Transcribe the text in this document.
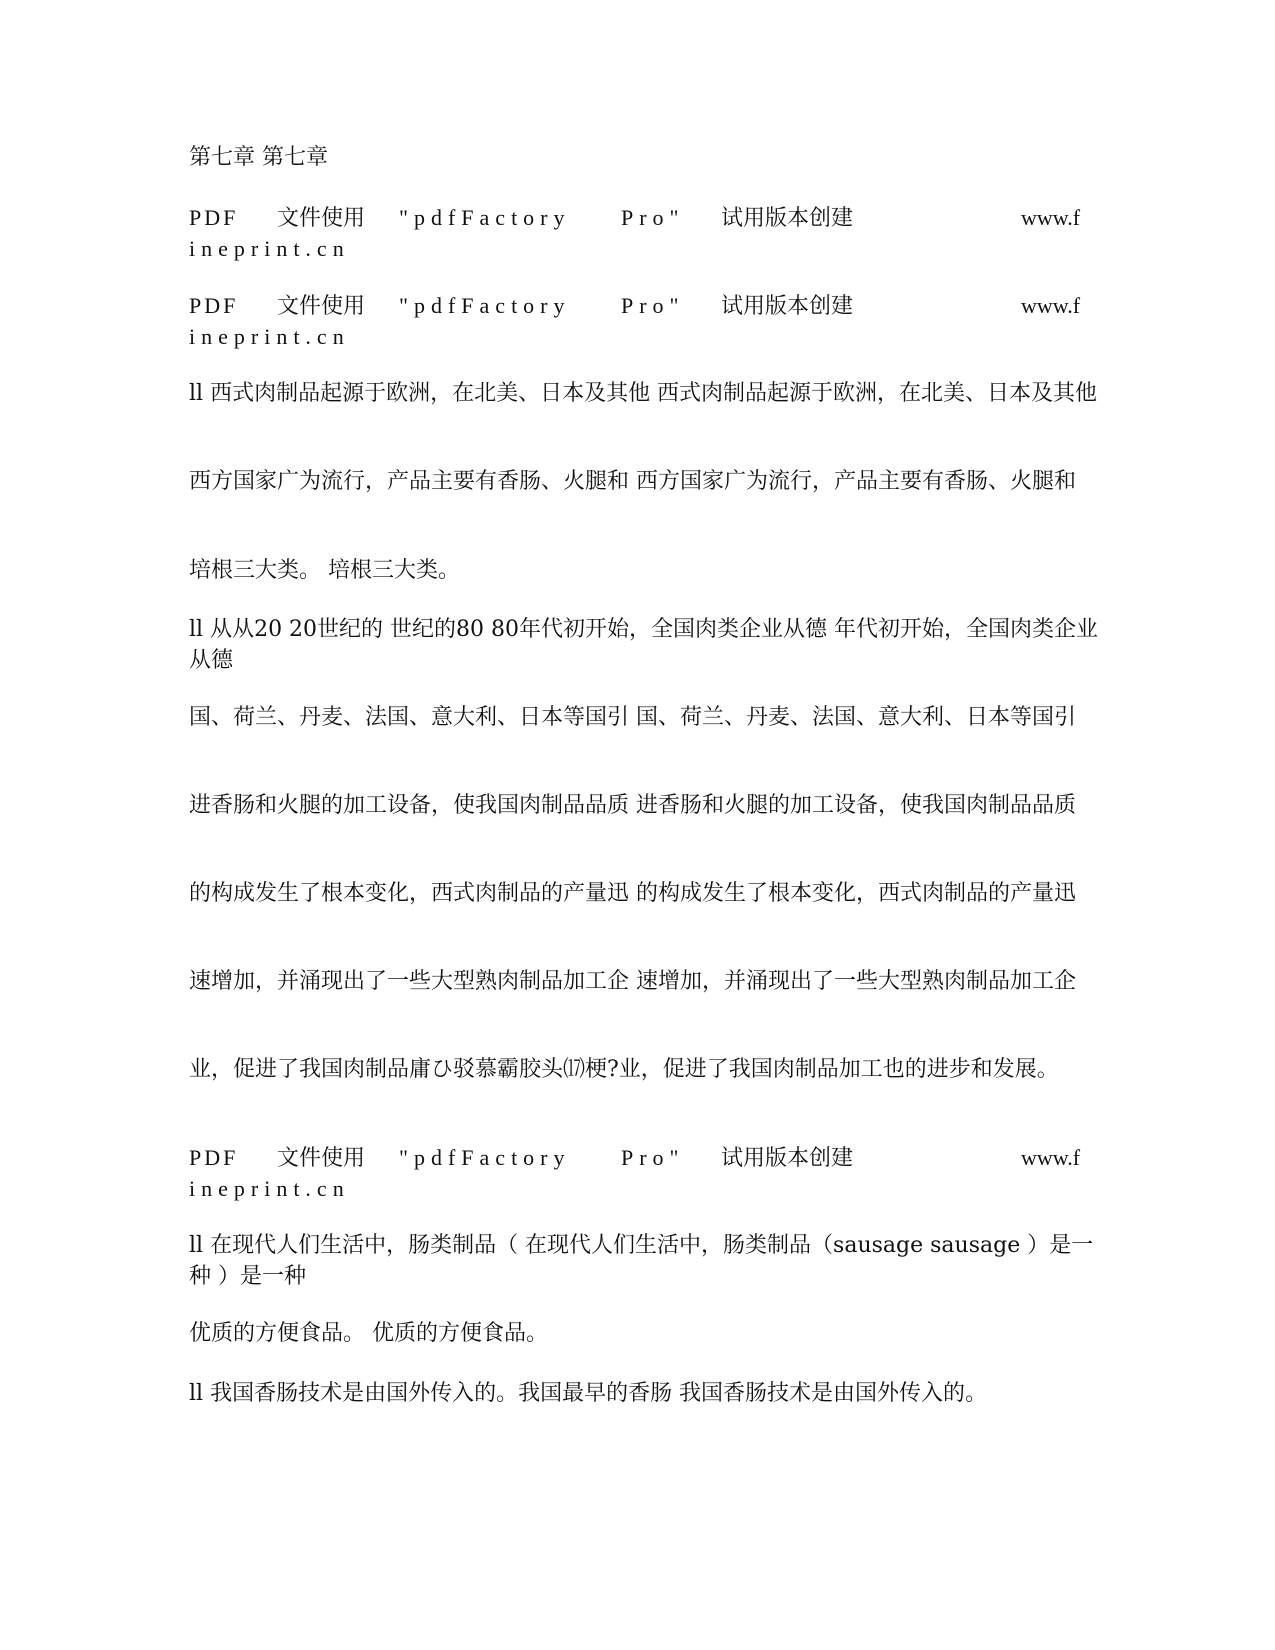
第七章 第七章

PDF 文件使用 "pdfFactory Pro" 试用版本创建	www.f
ineprint.cn
PDF 文件使用 "pdfFactory Pro" 试用版本创建	www.f
ineprint.cn

ll 西式肉制品起源于欧洲，在北美、日本及其他 西式肉制品起源于欧洲，在北美、日本及其他

西方国家广为流行，产品主要有香肠、火腿和 西方国家广为流行，产品主要有香肠、火腿和

培根三大类。 培根三大类。

ll 从从20 20世纪的 世纪的80 80年代初开始，全国肉类企业从德 年代初开始，全国肉类企业从德

国、荷兰、丹麦、法国、意大利、日本等国引 国、荷兰、丹麦、法国、意大利、日本等国引

进香肠和火腿的加工设备，使我国肉制品品质 进香肠和火腿的加工设备，使我国肉制品品质

的构成发生了根本变化，西式肉制品的产量迅 的构成发生了根本变化，西式肉制品的产量迅

速增加，并涌现出了一些大型熟肉制品加工企 速增加，并涌现出了一些大型熟肉制品加工企

业，促进了我国肉制品庸ひ驳慕霸胶头⒄梗?业，促进了我国肉制品加工也的进步和发展。

PDF 文件使用 "pdfFactory Pro" 试用版本创建	www.f
ineprint.cn

ll 在现代人们生活中，肠类制品（ 在现代人们生活中，肠类制品（sausage sausage ）是一种 ）是一种

优质的方便食品。 优质的方便食品。

ll 我国香肠技术是由国外传入的。我国最早的香肠 我国香肠技术是由国外传入的。
